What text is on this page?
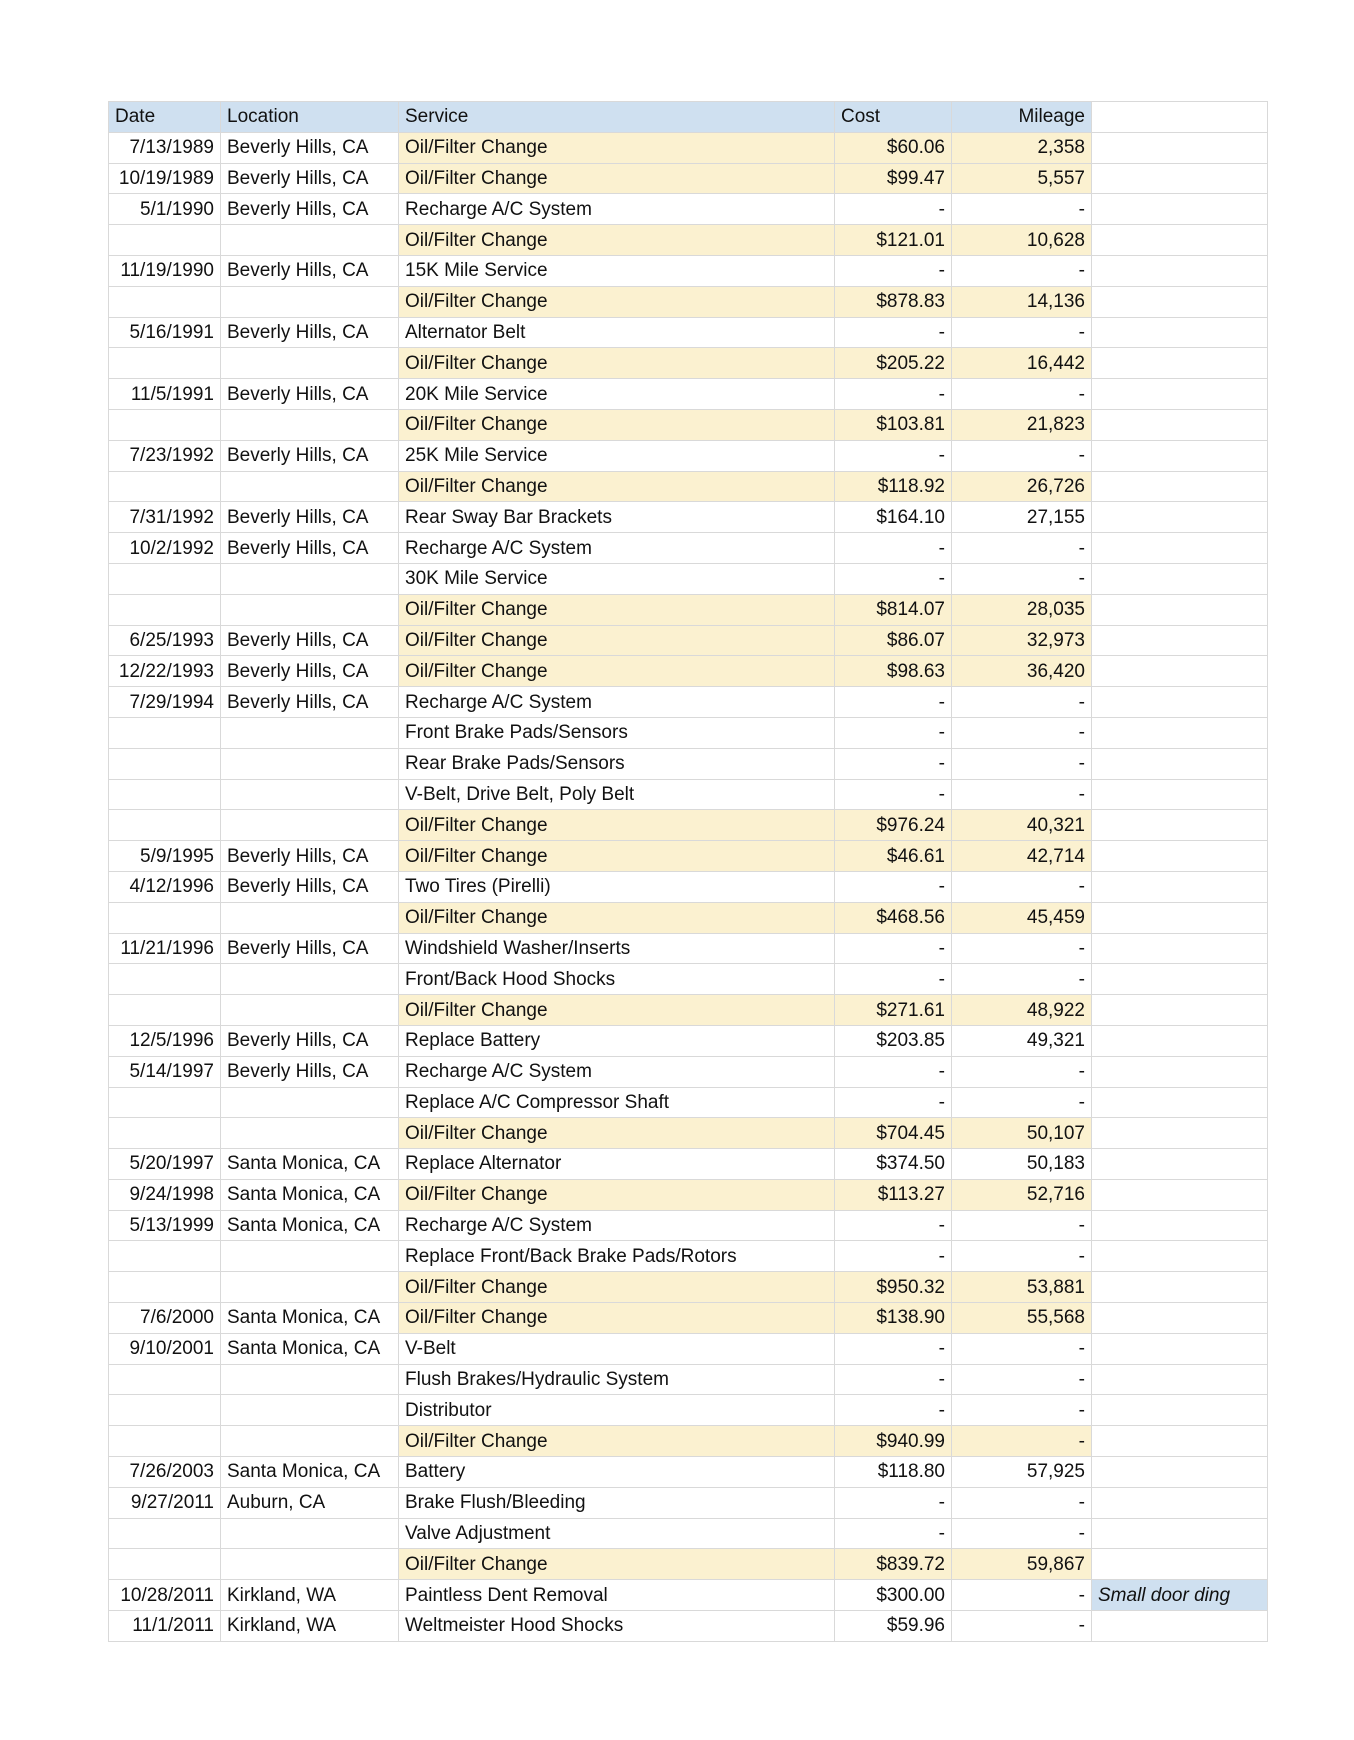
Date	Location	Service	Cost	Mileage	
7/13/1989	Beverly Hills, CA	Oil/Filter Change	$60.06	2,358	
10/19/1989	Beverly Hills, CA	Oil/Filter Change	$99.47	5,557	
5/1/1990	Beverly Hills, CA	Recharge A/C System	-	-	
		Oil/Filter Change	$121.01	10,628	
11/19/1990	Beverly Hills, CA	15K Mile Service	-	-	
		Oil/Filter Change	$878.83	14,136	
5/16/1991	Beverly Hills, CA	Alternator Belt	-	-	
		Oil/Filter Change	$205.22	16,442	
11/5/1991	Beverly Hills, CA	20K Mile Service	-	-	
		Oil/Filter Change	$103.81	21,823	
7/23/1992	Beverly Hills, CA	25K Mile Service	-	-	
		Oil/Filter Change	$118.92	26,726	
7/31/1992	Beverly Hills, CA	Rear Sway Bar Brackets	$164.10	27,155	
10/2/1992	Beverly Hills, CA	Recharge A/C System	-	-	
		30K Mile Service	-	-	
		Oil/Filter Change	$814.07	28,035	
6/25/1993	Beverly Hills, CA	Oil/Filter Change	$86.07	32,973	
12/22/1993	Beverly Hills, CA	Oil/Filter Change	$98.63	36,420	
7/29/1994	Beverly Hills, CA	Recharge A/C System	-	-	
		Front Brake Pads/Sensors	-	-	
		Rear Brake Pads/Sensors	-	-	
		V-Belt, Drive Belt, Poly Belt	-	-	
		Oil/Filter Change	$976.24	40,321	
5/9/1995	Beverly Hills, CA	Oil/Filter Change	$46.61	42,714	
4/12/1996	Beverly Hills, CA	Two Tires (Pirelli)	-	-	
		Oil/Filter Change	$468.56	45,459	
11/21/1996	Beverly Hills, CA	Windshield Washer/Inserts	-	-	
		Front/Back Hood Shocks	-	-	
		Oil/Filter Change	$271.61	48,922	
12/5/1996	Beverly Hills, CA	Replace Battery	$203.85	49,321	
5/14/1997	Beverly Hills, CA	Recharge A/C System	-	-	
		Replace A/C Compressor Shaft	-	-	
		Oil/Filter Change	$704.45	50,107	
5/20/1997	Santa Monica, CA	Replace Alternator	$374.50	50,183	
9/24/1998	Santa Monica, CA	Oil/Filter Change	$113.27	52,716	
5/13/1999	Santa Monica, CA	Recharge A/C System	-	-	
		Replace Front/Back Brake Pads/Rotors	-	-	
		Oil/Filter Change	$950.32	53,881	
7/6/2000	Santa Monica, CA	Oil/Filter Change	$138.90	55,568	
9/10/2001	Santa Monica, CA	V-Belt	-	-	
		Flush Brakes/Hydraulic System	-	-	
		Distributor	-	-	
		Oil/Filter Change	$940.99	-	
7/26/2003	Santa Monica, CA	Battery	$118.80	57,925	
9/27/2011	Auburn, CA	Brake Flush/Bleeding	-	-	
		Valve Adjustment	-	-	
		Oil/Filter Change	$839.72	59,867	
10/28/2011	Kirkland, WA	Paintless Dent Removal	$300.00	-	Small door ding
11/1/2011	Kirkland, WA	Weltmeister Hood Shocks	$59.96	-	
